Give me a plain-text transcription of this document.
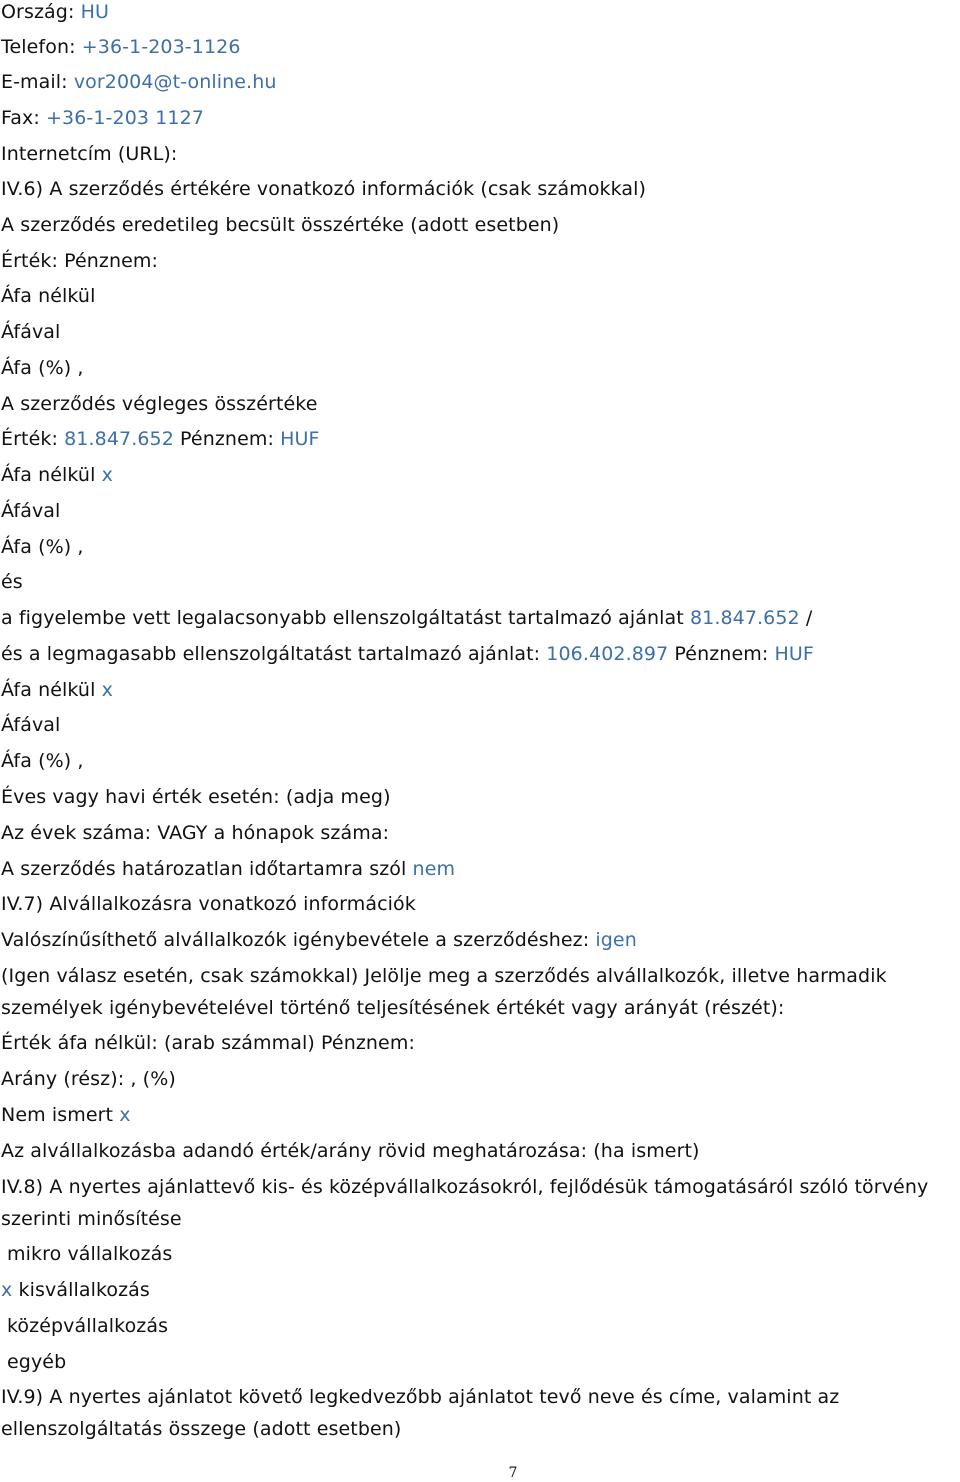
Ország: HU
Telefon: +36-1-203-1126
E-mail: vor2004@t-online.hu
Fax: +36-1-203 1127
Internetcím (URL):
IV.6) A szerződés értékére vonatkozó információk (csak számokkal)
A szerződés eredetileg becsült összértéke (adott esetben)
Érték: Pénznem:
Áfa nélkül
Áfával
Áfa (%) ,
A szerződés végleges összértéke
Érték: 81.847.652 Pénznem: HUF
Áfa nélkül x
Áfával
Áfa (%) ,
és
a figyelembe vett legalacsonyabb ellenszolgáltatást tartalmazó ajánlat 81.847.652 /
és a legmagasabb ellenszolgáltatást tartalmazó ajánlat: 106.402.897 Pénznem: HUF
Áfa nélkül x
Áfával
Áfa (%) ,
Éves vagy havi érték esetén: (adja meg)
Az évek száma: VAGY a hónapok száma:
A szerződés határozatlan időtartamra szól nem
IV.7) Alvállalkozásra vonatkozó információk
Valószínűsíthető alvállalkozók igénybevétele a szerződéshez: igen
(Igen válasz esetén, csak számokkal) Jelölje meg a szerződés alvállalkozók, illetve harmadik
személyek igénybevételével történő teljesítésének értékét vagy arányát (részét):
Érték áfa nélkül: (arab számmal) Pénznem:
Arány (rész): , (%)
Nem ismert x
Az alvállalkozásba adandó érték/arány rövid meghatározása: (ha ismert)
IV.8) A nyertes ajánlattevő kis- és középvállalkozásokról, fejlődésük támogatásáról szóló törvény
szerinti minősítése
mikro vállalkozás
x kisvállalkozás
középvállalkozás
egyéb
IV.9) A nyertes ajánlatot követő legkedvezőbb ajánlatot tevő neve és címe, valamint az
ellenszolgáltatás összege (adott esetben)
7
